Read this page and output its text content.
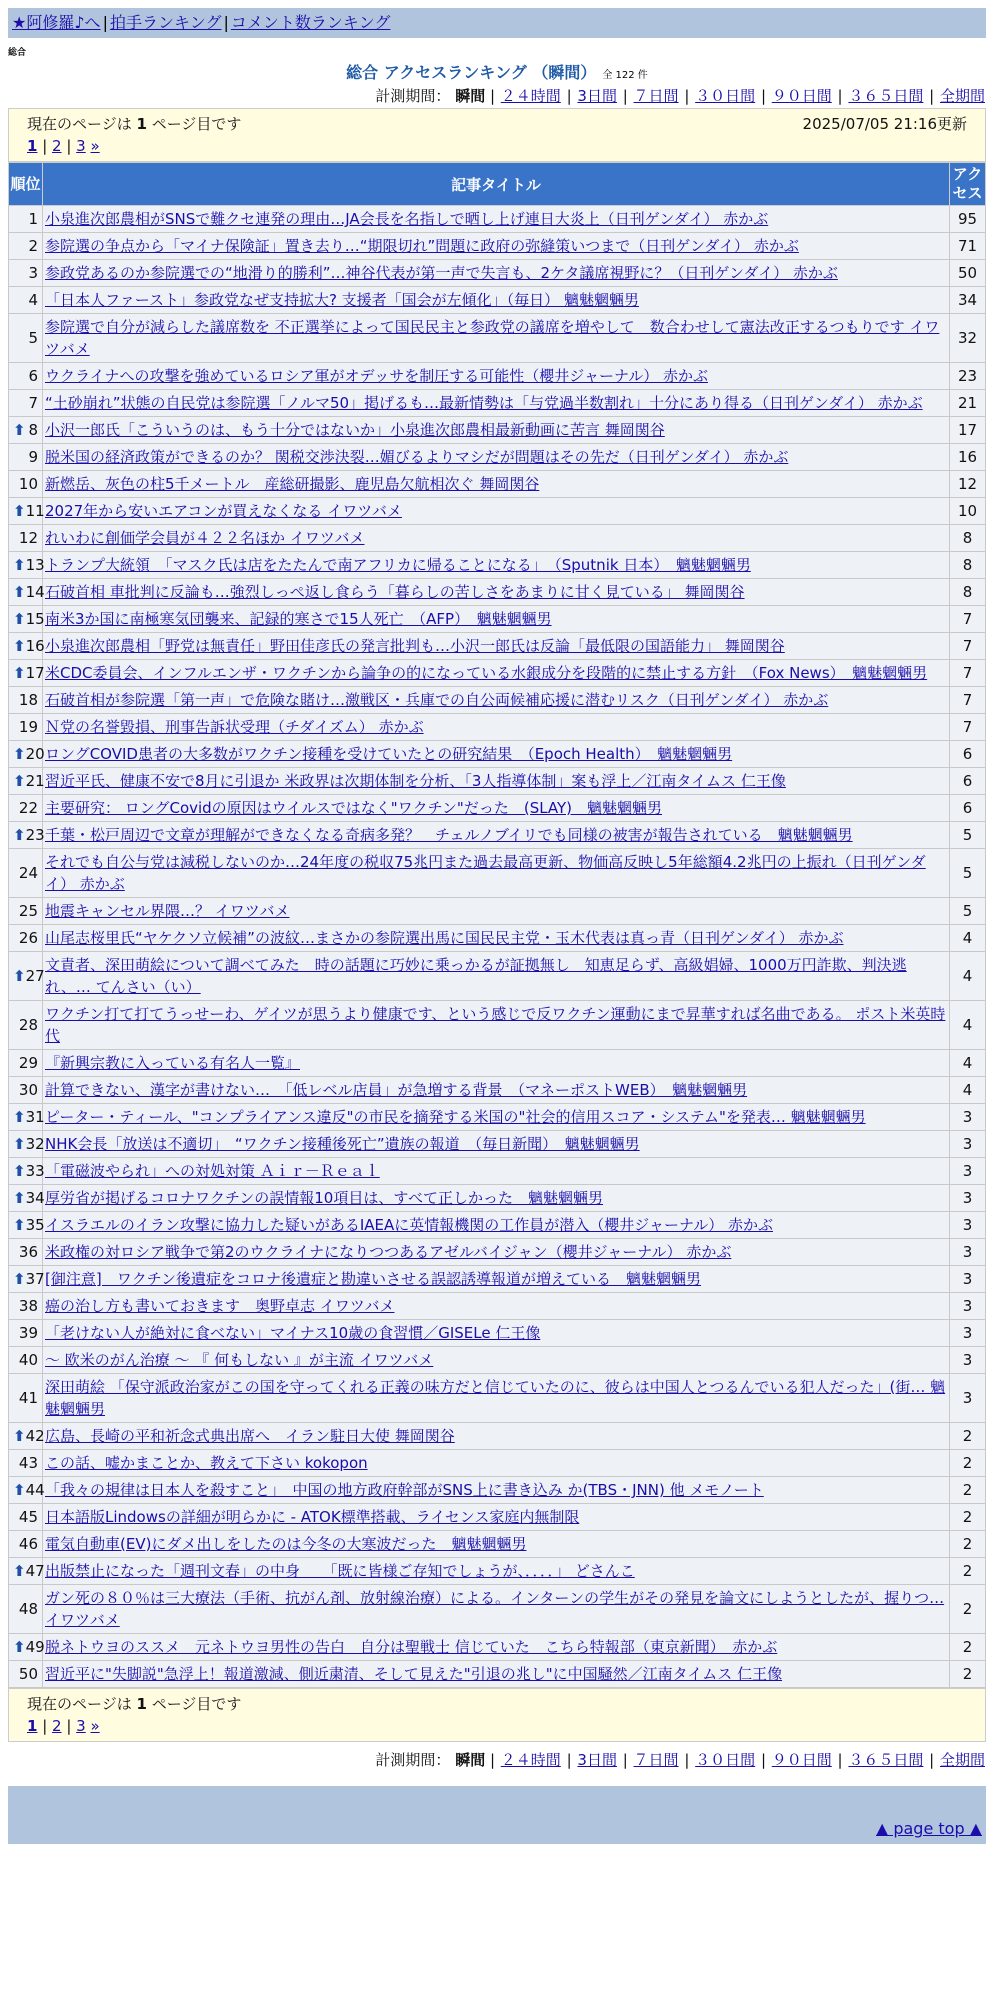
★阿修羅♪へ | 拍手ランキング | コメント数ランキング
総合
総合 アクセスランキング （瞬間） 全 122 件
計測期間： 瞬間 | ２４時間 | 3日間 | ７日間 | ３０日間 | ９０日間 | ３６５日間 | 全期間
現在のページは 1 ページ目です	2025/07/05 21:16更新
1 | 2 | 3 »
順位	記事タイトル	アクセス
1	小泉進次郎農相がSNSで難クセ連発の理由…JA会長を名指しで晒し上げ連日大炎上（日刊ゲンダイ） 赤かぶ	95
2	参院選の争点から「マイナ保険証」置き去り…“期限切れ”問題に政府の弥縫策いつまで（日刊ゲンダイ） 赤かぶ	71
3	参政党あるのか参院選での“地滑り的勝利”…神谷代表が第一声で失言も、2ケタ議席視野に？（日刊ゲンダイ） 赤かぶ	50
4	「日本人ファースト」参政党なぜ支持拡大? 支援者「国会が左傾化」（毎日） 魑魅魍魎男	34
5	参院選で自分が減らした議席数を 不正選挙によって国民民主と参政党の議席を増やして　数合わせして憲法改正するつもりです イワツバメ	32
6	ウクライナへの攻撃を強めているロシア軍がオデッサを制圧する可能性（櫻井ジャーナル） 赤かぶ	23
7	“土砂崩れ”状態の自民党は参院選「ノルマ50」掲げるも…最新情勢は「与党過半数割れ」十分にあり得る（日刊ゲンダイ） 赤かぶ	21

⬆ 8	小沢一郎氏「こういうのは、もう十分ではないか」小泉進次郎農相最新動画に苦言 舞岡関谷	17
9	脱米国の経済政策ができるのか？ 関税交渉決裂…媚びるよりマシだが問題はその先だ（日刊ゲンダイ） 赤かぶ	16
10	新燃岳、灰色の柱5千メートル　産総研撮影、鹿児島欠航相次ぐ 舞岡関谷	12

⬆ 11	2027年から安いエアコンが買えなくなる イワツバメ	10
12	れいわに創価学会員が４２２名ほか イワツバメ	8

⬆ 13	トランプ大統領　「マスク氏は店をたたんで南アフリカに帰ることになる」　（Sputnik 日本）　魑魅魍魎男	8

⬆ 14	石破首相 車批判に反論も…強烈しっぺ返し食らう「暮らしの苦しさをあまりに甘く見ている」 舞岡関谷	8

⬆ 15	南米3か国に南極寒気団襲来、記録的寒さで15人死亡　（AFP）　魑魅魍魎男	7

⬆ 16	小泉進次郎農相「野党は無責任」野田佳彦氏の発言批判も…小沢一郎氏は反論「最低限の国語能力」 舞岡関谷	7

⬆ 17	米CDC委員会、インフルエンザ・ワクチンから論争の的になっている水銀成分を段階的に禁止する方針　（Fox News）　魑魅魍魎男	7
18	石破首相が参院選「第一声」で危険な賭け…激戦区・兵庫での自公両候補応援に潜むリスク（日刊ゲンダイ） 赤かぶ	7
19	Ｎ党の名誉毀損、刑事告訴状受理（チダイズム） 赤かぶ	7

⬆ 20	ロングCOVID患者の大多数がワクチン接種を受けていたとの研究結果　（Epoch Health）　魑魅魍魎男	6

⬆ 21	習近平氏、健康不安で8月に引退か 米政界は次期体制を分析、「3人指導体制」案も浮上／江南タイムス 仁王像	6
22	主要研究： ロングCovidの原因はウイルスではなく"ワクチン"だった　(SLAY)　魑魅魍魎男	6

⬆ 23	千葉・松戸周辺で文章が理解ができなくなる奇病多発？　チェルノブイリでも同様の被害が報告されている　魑魅魍魎男	5
24	それでも自公与党は減税しないのか…24年度の税収75兆円また過去最高更新、物価高反映し5年総額4.2兆円の上振れ（日刊ゲンダイ） 赤かぶ	5
25	地震キャンセル界隈…？ イワツバメ	5
26	山尾志桜里氏“ヤケクソ立候補”の波紋…まさかの参院選出馬に国民民主党・玉木代表は真っ青（日刊ゲンダイ） 赤かぶ	4

⬆ 27	文責者、深田萌絵について調べてみた　時の話題に巧妙に乗っかるが証拠無し　知恵足らず、高級娼婦、1000万円詐欺、判決逃れ、… てんさい（い）	4
28	ワクチン打て打てうっせーわ、ゲイツが思うより健康です、という感じで反ワクチン運動にまで昇華すれば名曲である。 ポスト米英時代	4
29	『新興宗教に入っている有名人一覧』	4
30	計算できない、漢字が書けない…　「低レベル店員」が急増する背景　（マネーポストWEB）　魑魅魍魎男	4

⬆ 31	ピーター・ティール、"コンプライアンス違反"の市民を摘発する米国の"社会的信用スコア・システム"を発表… 魑魅魍魎男	3

⬆ 32	NHK会長「放送は不適切」　“ワクチン接種後死亡”遺族の報道　（毎日新聞）　魑魅魍魎男	3

⬆ 33	「電磁波やられ」への対処対策 Ａｉｒ－Ｒｅａｌ	3

⬆ 34	厚労省が掲げるコロナワクチンの誤情報10項目は、すべて正しかった　魑魅魍魎男	3

⬆ 35	イスラエルのイラン攻撃に協力した疑いがあるIAEAに英情報機関の工作員が潜入（櫻井ジャーナル） 赤かぶ	3
36	米政権の対ロシア戦争で第2のウクライナになりつつあるアゼルバイジャン（櫻井ジャーナル） 赤かぶ	3

⬆ 37	[御注意]　ワクチン後遺症をコロナ後遺症と勘違いさせる誤認誘導報道が増えている　魑魅魍魎男	3
38	癌の治し方も書いておきます　奥野卓志 イワツバメ	3
39	「老けない人が絶対に食べない」マイナス10歳の食習慣／GISELe 仁王像	3
40	～ 欧米のがん治療 ～ 『 何もしない 』が主流 イワツバメ	3
41	深田萌絵 「保守派政治家がこの国を守ってくれる正義の味方だと信じていたのに、彼らは中国人とつるんでいる犯人だった」(街… 魑魅魍魎男	3

⬆ 42	広島、長崎の平和祈念式典出席へ　イラン駐日大使 舞岡関谷	2
43	この話、嘘かまことか、教えて下さい kokopon	2

⬆ 44	「我々の規律は日本人を殺すこと」　中国の地方政府幹部がSNS上に書き込み か(TBS・JNN) 他 メモノート	2
45	日本語版Lindowsの詳細が明らかに - ATOK標準搭載、ライセンス家庭内無制限	2
46	電気自動車(EV)にダメ出しをしたのは今冬の大寒波だった　魑魅魍魎男	2

⬆ 47	出版禁止になった「週刊文春」の中身　　「既に皆様ご存知でしょうが、．．．．」 どさんこ	2
48	ガン死の８０％は三大療法（手術、抗がん剤、放射線治療）による。インターンの学生がその発見を論文にしようとしたが、握りつ… イワツバメ	2

⬆ 49	脱ネトウヨのススメ　元ネトウヨ男性の告白　自分は聖戦士 信じていた　こちら特報部（東京新聞）　赤かぶ	2
50	習近平に"失脚説"急浮上！報道激減、側近粛清、そして見えた"引退の兆し"に中国騒然／江南タイムス 仁王像	2
現在のページは 1 ページ目です
1 | 2 | 3 »
計測期間： 瞬間 | ２４時間 | 3日間 | ７日間 | ３０日間 | ９０日間 | ３６５日間 | 全期間
▲ page top ▲
